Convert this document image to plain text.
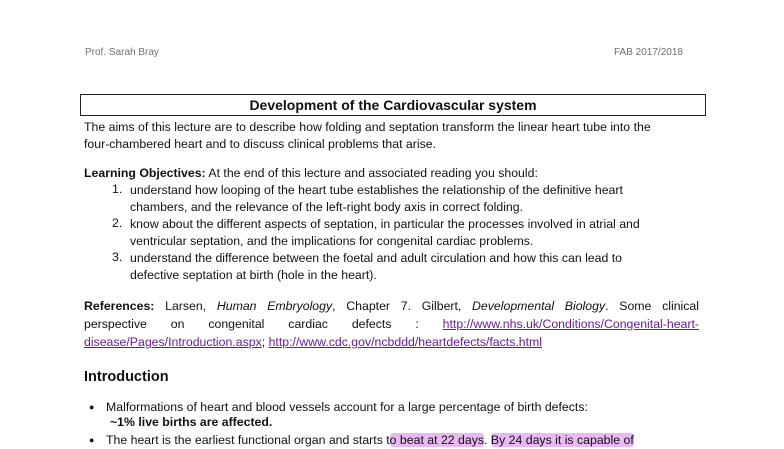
Prof. Sarah Bray	FAB 2017/2018
Development of the Cardiovascular system
The aims of this lecture are to describe how folding and septation transform the linear heart tube into the
four-chambered heart and to discuss clinical problems that arise.
Learning Objectives: At the end of this lecture and associated reading you should:
1. understand how looping of the heart tube establishes the relationship of the definitive heart
chambers, and the relevance of the left-right body axis in correct folding.
2. know about the different aspects of septation, in particular the processes involved in atrial and
ventricular septation, and the implications for congenital cardiac problems.
3. understand the difference between the foetal and adult circulation and how this can lead to
defective septation at birth (hole in the heart).
References: Larsen, Human Embryology, Chapter 7. Gilbert, Developmental Biology. Some clinical
perspective on congenital cardiac defects : http://www.nhs.uk/Conditions/Congenital-heart-
disease/Pages/Introduction.aspx; http://www.cdc.gov/ncbddd/heartdefects/facts.html
Introduction
● Malformations of heart and blood vessels account for a large percentage of birth defects:
~1% live births are affected.
● The heart is the earliest functional organ and starts to beat at 22 days. By 24 days it is capable of
